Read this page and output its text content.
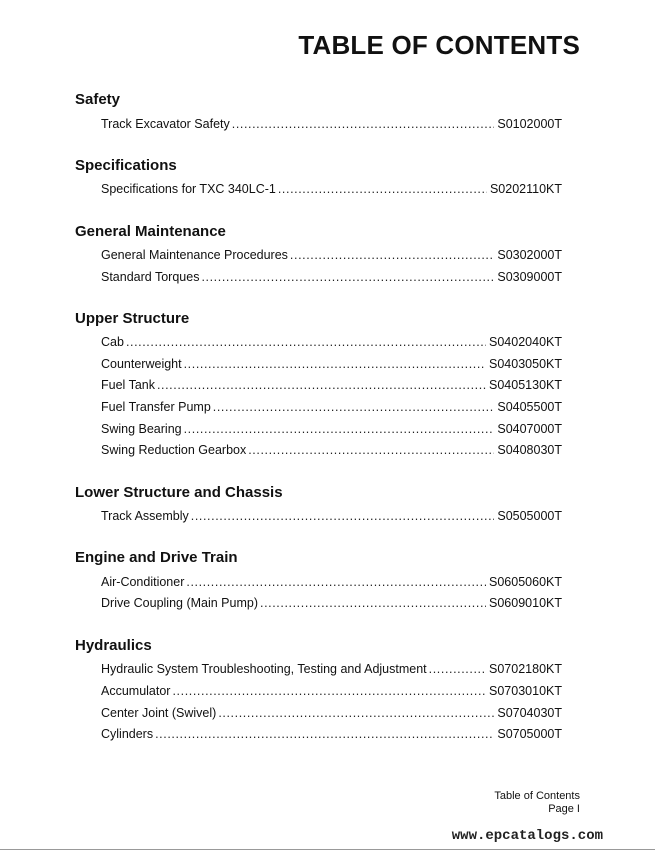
TABLE OF CONTENTS
Safety
Track Excavator Safety .....	S0102000T
Specifications
Specifications for TXC 340LC-1 .....	S0202110KT
General Maintenance
General Maintenance Procedures .....	S0302000T
Standard Torques .....	S0309000T
Upper Structure
Cab .....	S0402040KT
Counterweight .....	S0403050KT
Fuel Tank .....	S0405130KT
Fuel Transfer Pump .....	S0405500T
Swing Bearing .....	S0407000T
Swing Reduction Gearbox .....	S0408030T
Lower Structure and Chassis
Track Assembly .....	S0505000T
Engine and Drive Train
Air-Conditioner .....	S0605060KT
Drive Coupling (Main Pump) .....	S0609010KT
Hydraulics
Hydraulic System Troubleshooting, Testing and Adjustment .....	S0702180KT
Accumulator .....	S0703010KT
Center Joint (Swivel) .....	S0704030T
Cylinders .....	S0705000T

Table of Contents

Page I

www.epcatalogs.com
